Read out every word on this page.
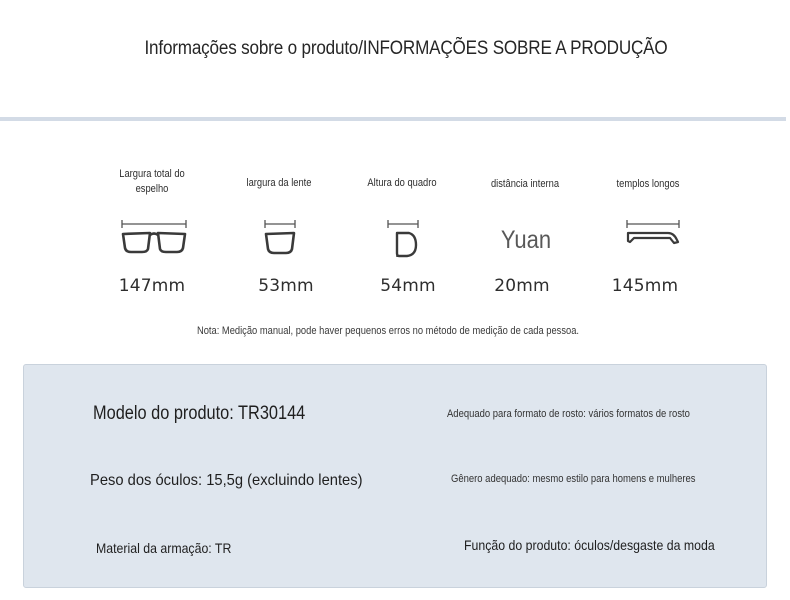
Informações sobre o produto/INFORMAÇÕES SOBRE A PRODUÇÃO
Largura total do espelho
147mm
largura da lente
53mm
Altura do quadro
54mm
distância interna
Yuan
20mm
templos longos
145mm
Nota: Medição manual, pode haver pequenos erros no método de medição de cada pessoa.
Modelo do produto: TR30144	Adequado para formato de rosto: vários formatos de rosto
Peso dos óculos: 15,5g (excluindo lentes)	Gênero adequado: mesmo estilo para homens e mulheres
Material da armação: TR	Função do produto: óculos/desgaste da moda
